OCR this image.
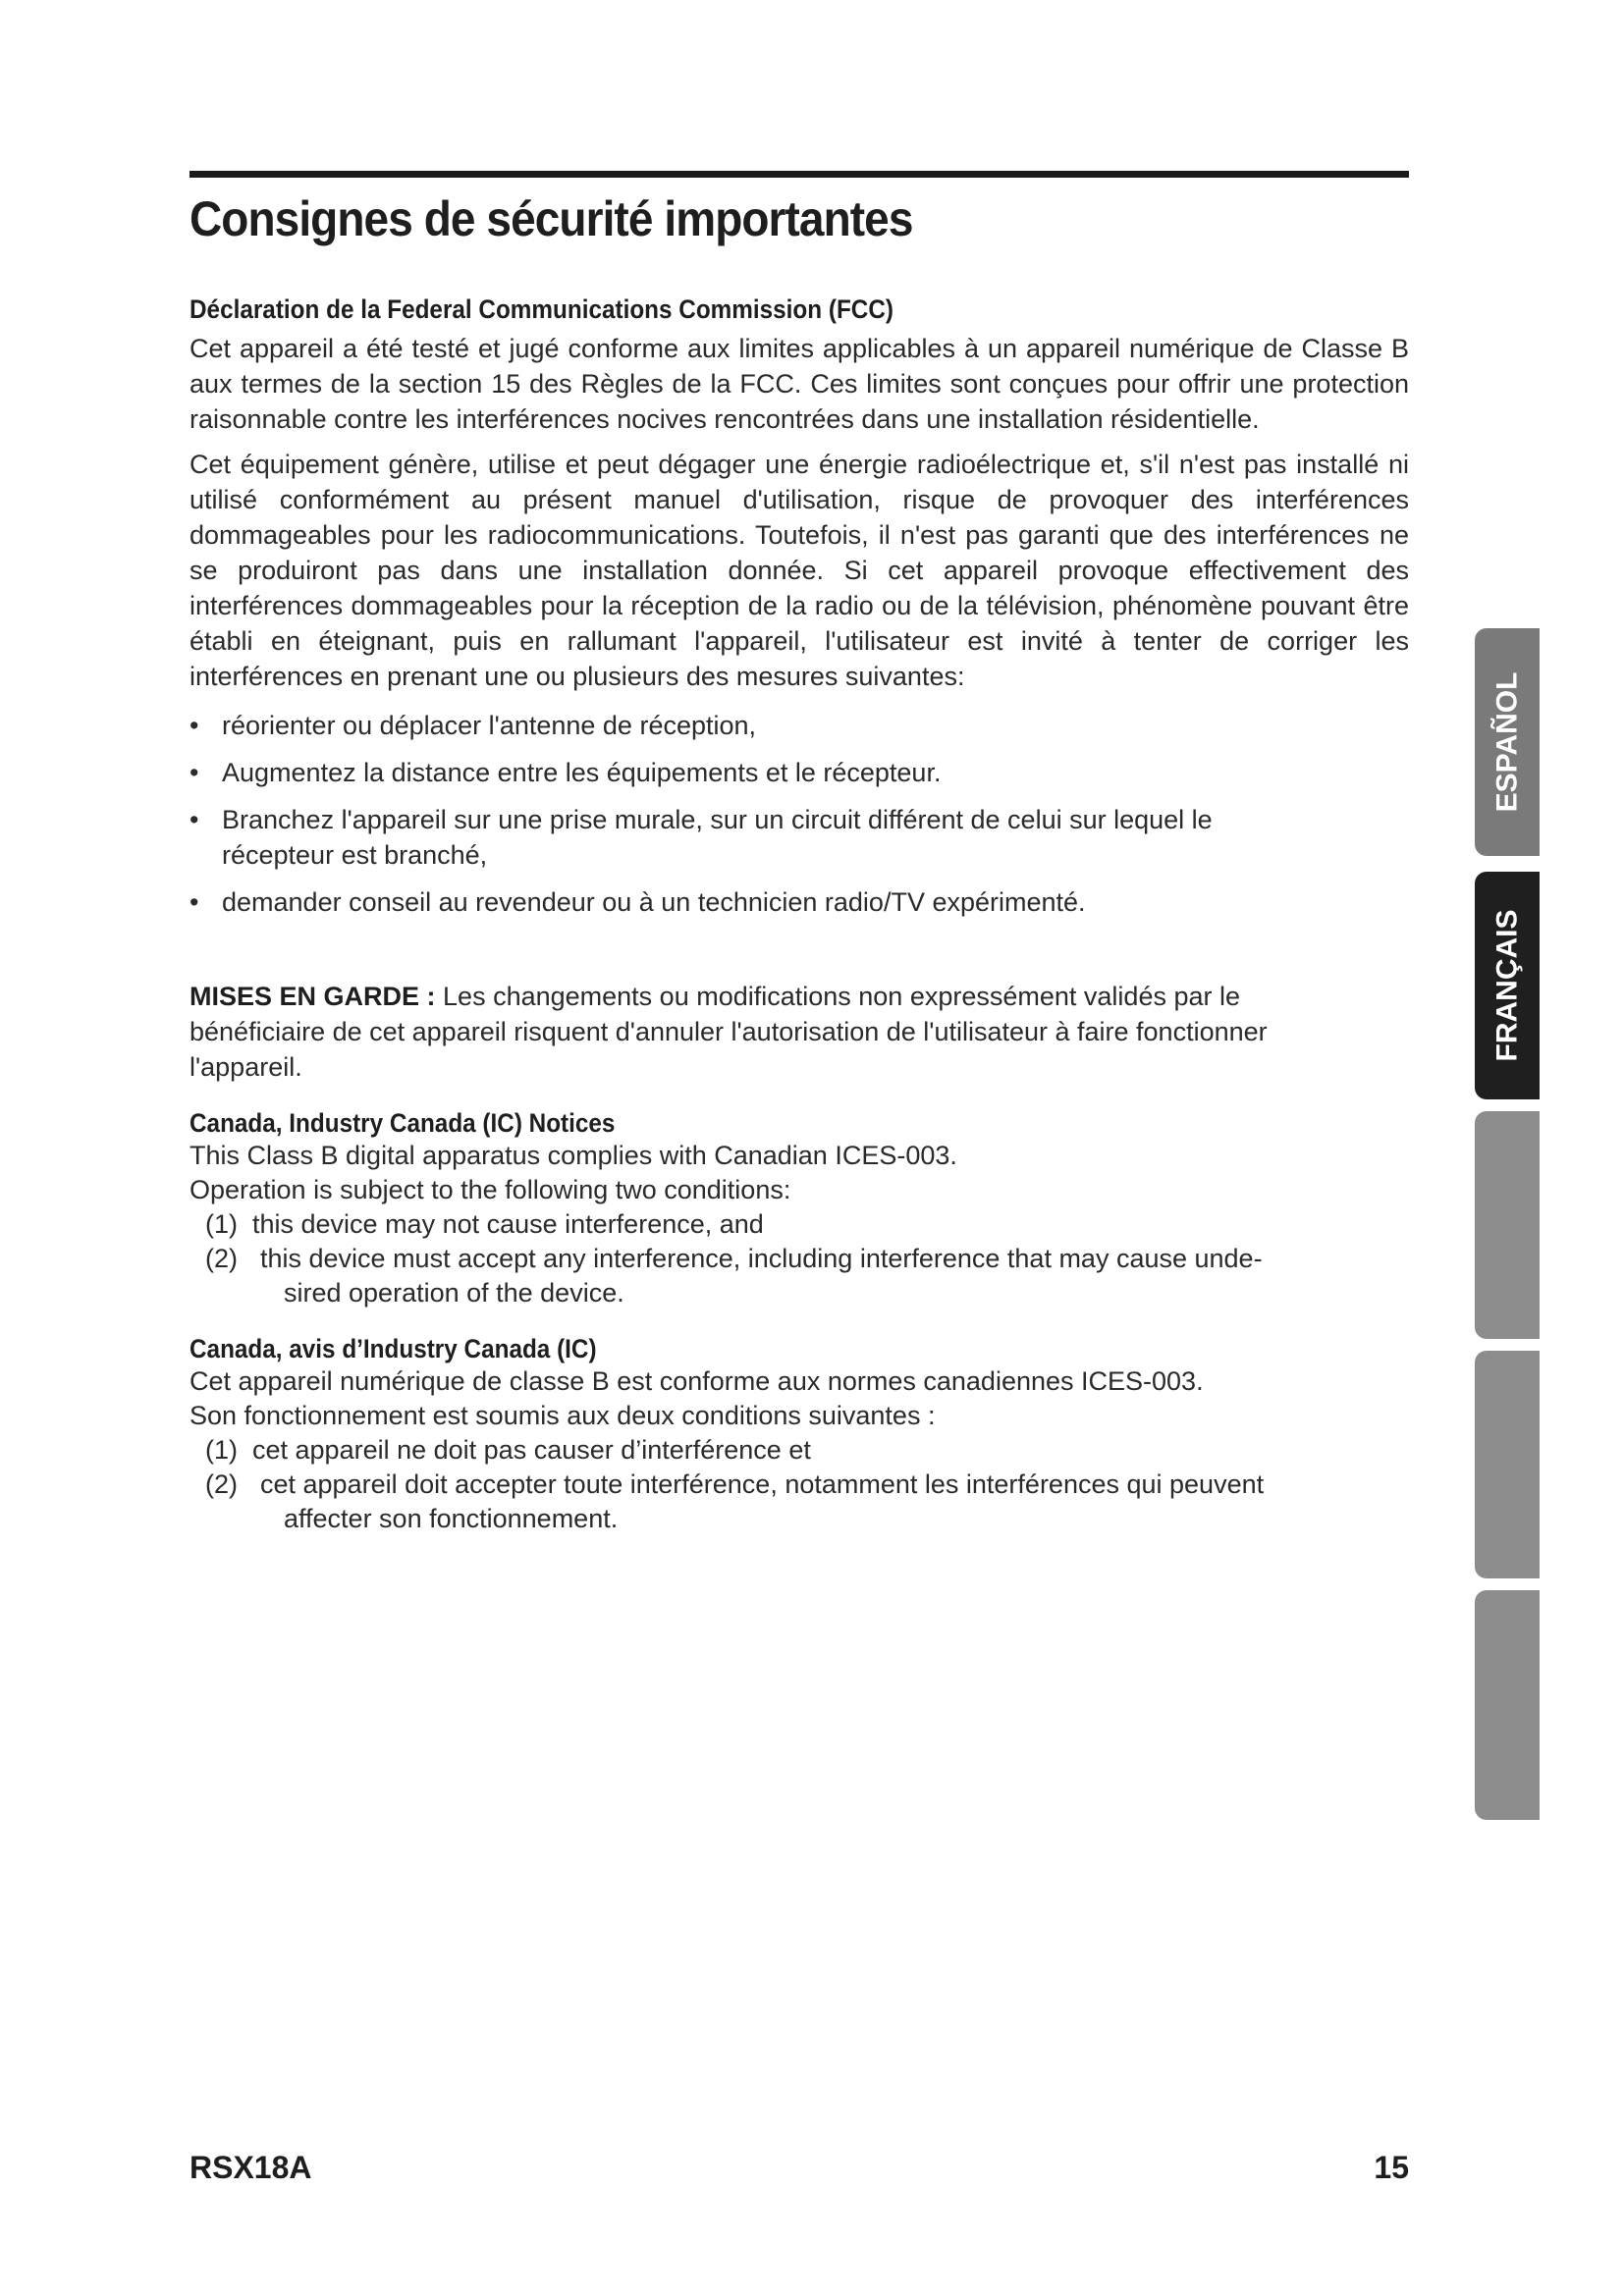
Consignes de sécurité importantes
Déclaration de la Federal Communications Commission (FCC)

Cet appareil a été testé et jugé conforme aux limites applicables à un appareil numérique de Classe B aux termes de la section 15 des Règles de la FCC. Ces limites sont conçues pour offrir une protection raisonnable contre les interférences nocives rencontrées dans une installation résidentielle.

Cet équipement génère, utilise et peut dégager une énergie radioélectrique et, s'il n'est pas installé ni utilisé conformément au présent manuel d'utilisation, risque de provoquer des interférences dommageables pour les radiocommunications. Toutefois, il n'est pas garanti que des interférences ne se produiront pas dans une installation donnée. Si cet appareil provoque effectivement des interférences dommageables pour la réception de la radio ou de la télévision, phénomène pouvant être établi en éteignant, puis en rallumant l'appareil, l'utilisateur est invité à tenter de corriger les interférences en prenant une ou plusieurs des mesures suivantes:

• réorienter ou déplacer l'antenne de réception,
• Augmentez la distance entre les équipements et le récepteur.
• Branchez l'appareil sur une prise murale, sur un circuit différent de celui sur lequel le récepteur est branché,
• demander conseil au revendeur ou à un technicien radio/TV expérimenté.

MISES EN GARDE : Les changements ou modifications non expressément validés par le bénéficiaire de cet appareil risquent d'annuler l'autorisation de l'utilisateur à faire fonctionner l'appareil.

Canada, Industry Canada (IC) Notices

This Class B digital apparatus complies with Canadian ICES-003.

Operation is subject to the following two conditions:

(1) this device may not cause interference, and
(2) this device must accept any interference, including interference that may cause unde-
sired operation of the device.
Canada, avis d’Industry Canada (IC)

Cet appareil numérique de classe B est conforme aux normes canadiennes ICES-003.

Son fonctionnement est soumis aux deux conditions suivantes :

(1) cet appareil ne doit pas causer d’interférence et
(2) cet appareil doit accepter toute interférence, notamment les interférences qui peuvent
affecter son fonctionnement.
ESPAÑOL
FRANÇAIS
RSX18A	15
